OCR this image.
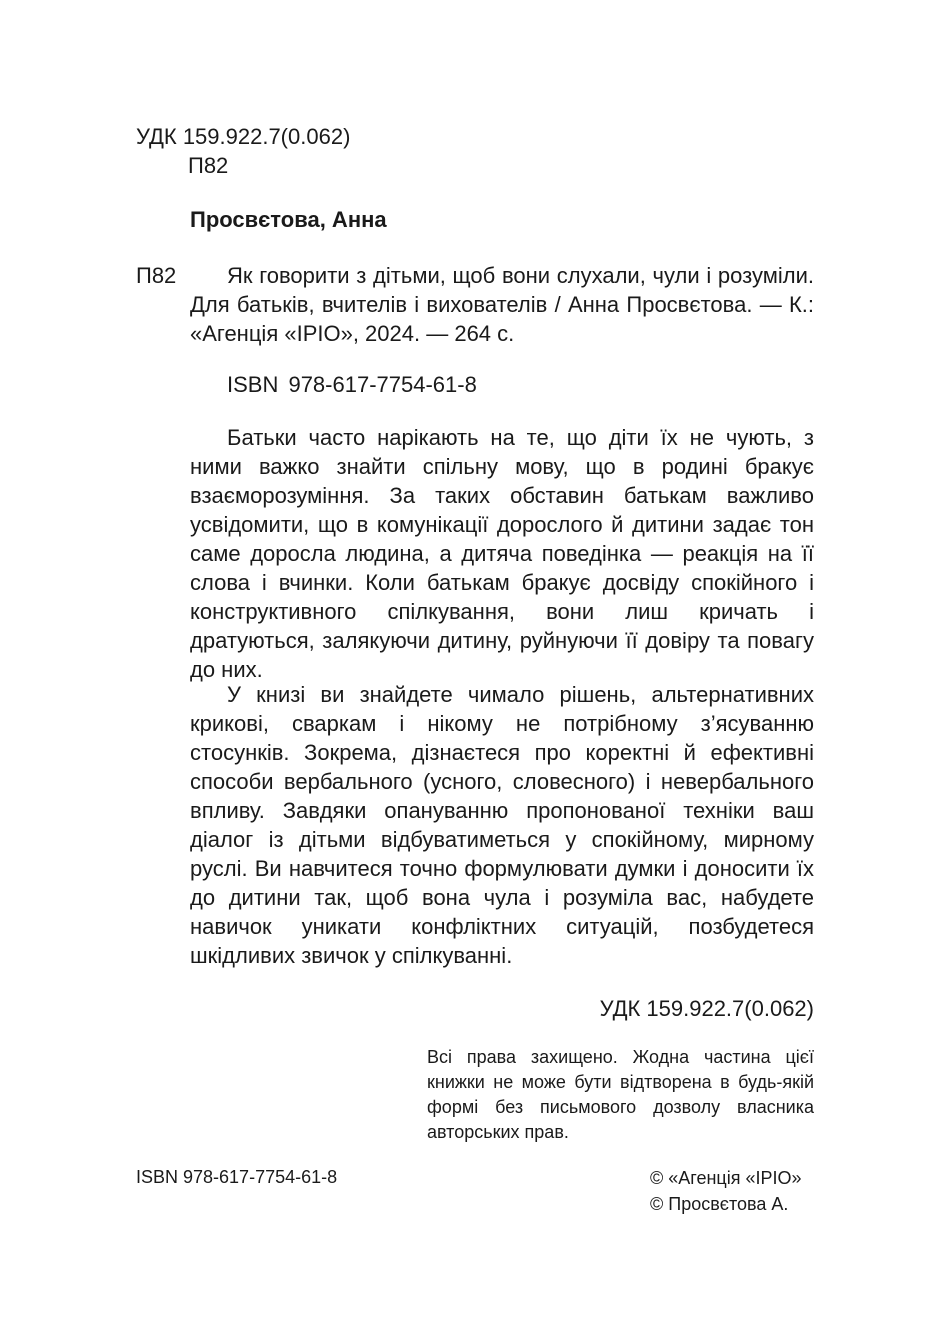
УДК 159.922.7(0.062)
П82
Просвєтова, Анна
П82	Як говорити з дітьми, щоб вони слухали, чули і розуміли. Для батьків, вчителів і вихователів / Анна Просвєтова. — К.: «Агенція «ІРІО», 2024. — 264 с.

ISBN 978-617-7754-61-8

Батьки часто нарікають на те, що діти їх не чують, з ними важко знайти спільну мову, що в родині бракує взаєморозуміння. За таких обставин батькам важливо усвідомити, що в комунікації дорослого й дитини задає тон саме доросла людина, а дитяча поведінка — реакція на її слова і вчинки. Коли батькам бракує досвіду спокійного і конструктивного спілкування, вони лиш кричать і дратуються, залякуючи дитину, руйнуючи її довіру та повагу до них.

У книзі ви знайдете чимало рішень, альтернативних крикові, сваркам і нікому не потрібному з’ясуванню стосунків. Зокрема, дізнаєтеся про коректні й ефективні способи вербального (усного, словесного) і невербального впливу. Завдяки опануванню пропонованої техніки ваш діалог із дітьми відбуватиметься у спокійному, мирному руслі. Ви навчитеся точно формулювати думки і доносити їх до дитини так, щоб вона чула і розуміла вас, набудете навичок уникати конфліктних ситуацій, позбудетеся шкідливих звичок у спілкуванні.

УДК 159.922.7(0.062)

Всі права захищено. Жодна частина цієї книжки не може бути відтворена в будь-якій формі без письмового дозволу власника авторських прав.

ISBN 978-617-7754-61-8	© «Агенція «ІРІО»
© Просвєтова А.
